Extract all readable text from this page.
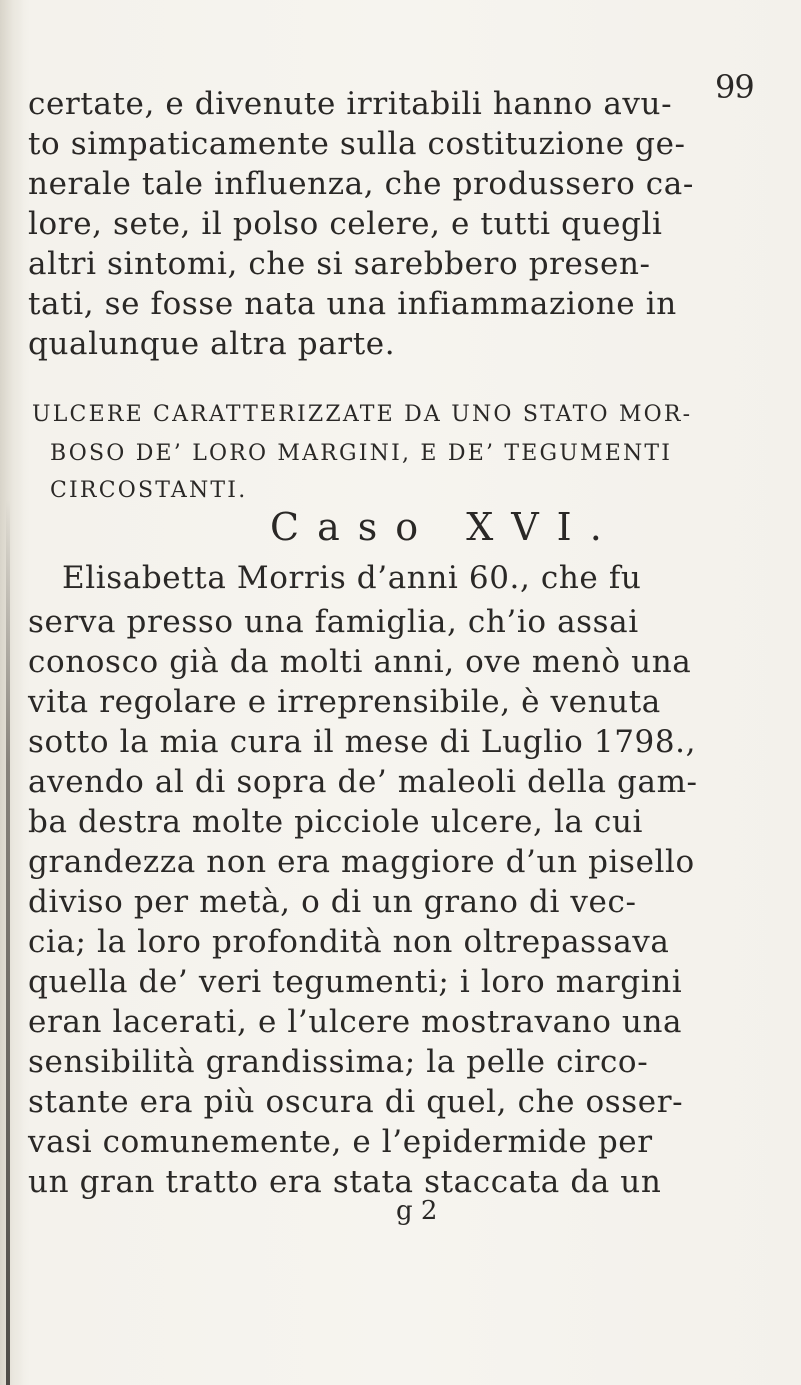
99
certate, e divenute irritabili hanno avu-
to simpaticamente sulla costituzione ge-
nerale tale influenza, che produssero ca-
lore, sete, il polso celere, e tutti quegli
altri sintomi, che si sarebbero presen-
tati, se fosse nata una infiammazione in
qualunque altra parte.
ULCERE CARATTERIZZATE DA UNO STATO MOR-
BOSO DE’ LORO MARGINI, E DE’ TEGUMENTI
CIRCOSTANTI.
Caso XVI.
Elisabetta Morris d’anni 60., che fu
serva presso una famiglia, ch’io assai
conosco già da molti anni, ove menò una
vita regolare e irreprensibile, è venuta
sotto la mia cura il mese di Luglio 1798.,
avendo al di sopra de’ maleoli della gam-
ba destra molte picciole ulcere, la cui
grandezza non era maggiore d’un pisello
diviso per metà, o di un grano di vec-
cia; la loro profondità non oltrepassava
quella de’ veri tegumenti; i loro margini
eran lacerati, e l’ulcere mostravano una
sensibilità grandissima; la pelle circo-
stante era più oscura di quel, che osser-
vasi comunemente, e l’epidermide per
un gran tratto era stata staccata da un
g 2
